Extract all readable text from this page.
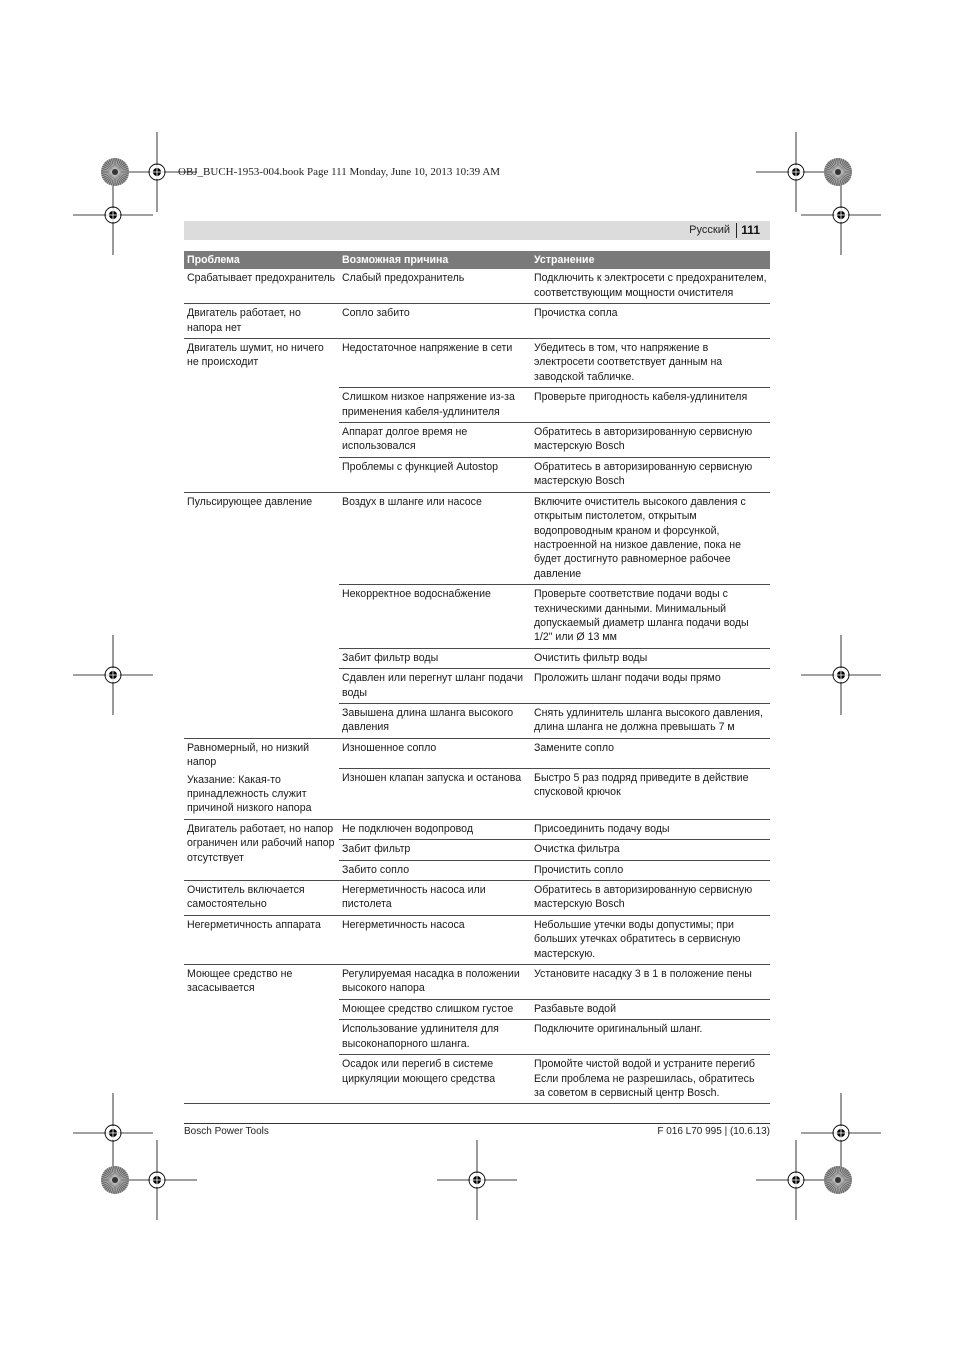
OBJ_BUCH-1953-004.book Page 111 Monday, June 10, 2013 10:39 AM
Русский 111
Проблема	Возможная причина	Устранение
Срабатывает предохранитель	Слабый предохранитель	Подключить к электросети с предохранителем, соответствующим мощности очистителя
Двигатель работает, но напора нет	Сопло забито	Прочистка сопла
Двигатель шумит, но ничего не происходит	Недостаточное напряжение в сети	Убедитесь в том, что напряжение в электросети соответствует данным на заводской табличке.
	Слишком низкое напряжение из-за применения кабеля-удлинителя	Проверьте пригодность кабеля-удлинителя
	Аппарат долгое время не использовался	Обратитесь в авторизированную сервисную мастерскую Bosch
	Проблемы с функцией Autostop	Обратитесь в авторизированную сервисную мастерскую Bosch
Пульсирующее давление	Воздух в шланге или насосе	Включите очиститель высокого давления с открытым пистолетом, открытым водопроводным краном и форсункой, настроенной на низкое давление, пока не будет достигнуто равномерное рабочее давление
	Некорректное водоснабжение	Проверьте соответствие подачи воды с техническими данными. Минимальный допускаемый диаметр шланга подачи воды 1/2" или Ø 13 мм
	Забит фильтр воды	Очистить фильтр воды
	Сдавлен или перегнут шланг подачи воды	Проложить шланг подачи воды прямо
	Завышена длина шланга высокого давления	Снять удлинитель шланга высокого давления, длина шланга не должна превышать 7 м
Равномерный, но низкий напор
Указание: Какая-то принадлежность служит причиной низкого напора	Изношенное сопло	Замените сопло
	Изношен клапан запуска и останова	Быстро 5 раз подряд приведите в действие спусковой крючок
Двигатель работает, но напор ограничен или рабочий напор отсутствует	Не подключен водопровод	Присоединить подачу воды
	Забит фильтр	Очистка фильтра
	Забито сопло	Прочистить сопло
Очиститель включается самостоятельно	Негерметичность насоса или пистолета	Обратитесь в авторизированную сервисную мастерскую Bosch
Негерметичность аппарата	Негерметичность насоса	Небольшие утечки воды допустимы; при больших утечках обратитесь в сервисную мастерскую.
Моющее средство не засасывается	Регулируемая насадка в положении высокого напора	Установите насадку 3 в 1 в положение пены
	Моющее средство слишком густое	Разбавьте водой
	Использование удлинителя для высоконапорного шланга.	Подключите оригинальный шланг.
	Осадок или перегиб в системе циркуляции моющего средства	Промойте чистой водой и устраните перегиб Если проблема не разрешилась, обратитесь за советом в сервисный центр Bosch.
Bosch Power Tools	F 016 L70 995 | (10.6.13)
